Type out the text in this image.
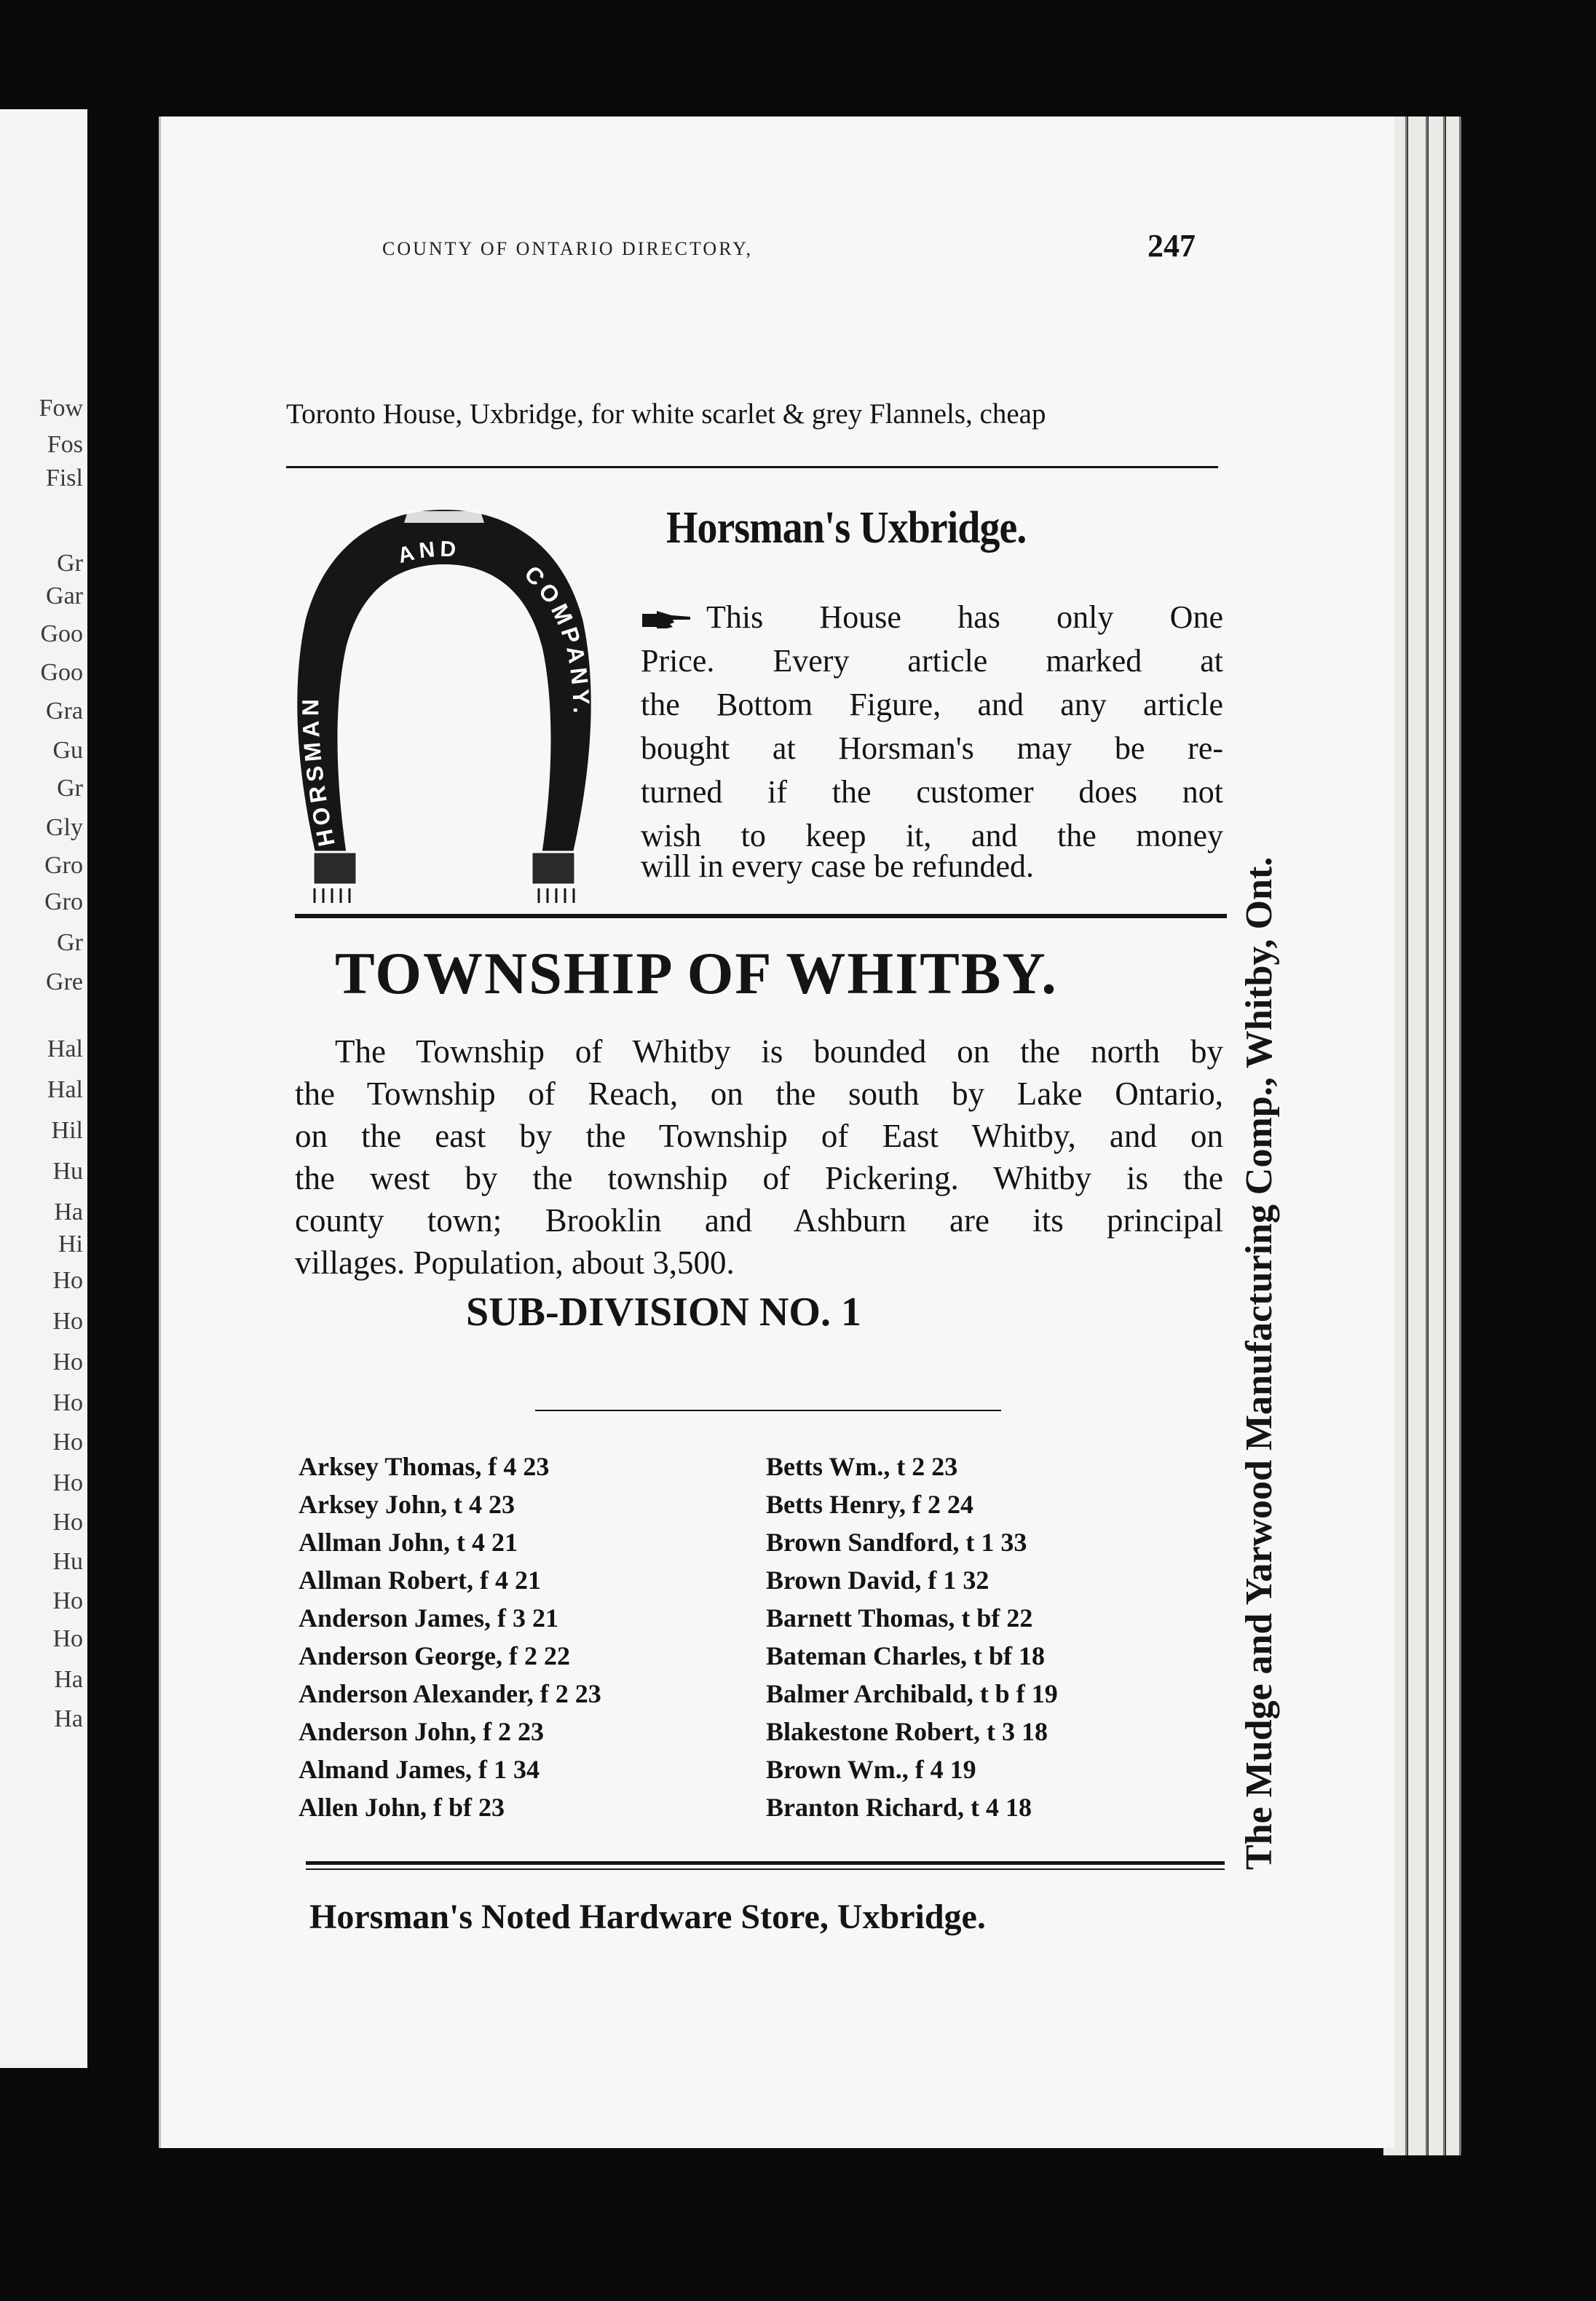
Fow
Fos
Fisl
Gr
Gar
Goo
Goo
Gra
Gu
Gr
Gly
Gro
Gro
Gr
Gre
Hal
Hal
Hil
Hu
Ha
Hi
Ho
Ho
Ho
Ho
Ho
Ho
Ho
Hu
Ho
Ho
Ha
Ha
COUNTY OF ONTARIO DIRECTORY,	247
Toronto House, Uxbridge, for white scarlet & grey Flannels, cheap
HORSMAN
AND
COMPANY.
Horsman's Uxbridge.
This House has only One
Price. Every article marked at
the Bottom Figure, and any article
bought at Horsman's may be re-
turned if the customer does not
wish to keep it, and the money
will in every case be refunded.
TOWNSHIP OF WHITBY.
The Township of Whitby is bounded on the north by
the Township of Reach, on the south by Lake Ontario,
on the east by the Township of East Whitby, and on
the west by the township of Pickering. Whitby is the
county town; Brooklin and Ashburn are its principal
villages. Population, about 3,500.
SUB-DIVISION NO. 1
Arksey Thomas, f 4 23
Arksey John, t 4 23
Allman John, t 4 21
Allman Robert, f 4 21
Anderson James, f 3 21
Anderson George, f 2 22
Anderson Alexander, f 2 23
Anderson John, f 2 23
Almand James, f 1 34
Allen John, f bf 23
Betts Wm., t 2 23
Betts Henry, f 2 24
Brown Sandford, t 1 33
Brown David, f 1 32
Barnett Thomas, t bf 22
Bateman Charles, t bf 18
Balmer Archibald, t b f 19
Blakestone Robert, t 3 18
Brown Wm., f 4 19
Branton Richard, t 4 18
Horsman's Noted Hardware Store, Uxbridge.
The Mudge and Yarwood Manufacturing Comp., Whitby, Ont.
